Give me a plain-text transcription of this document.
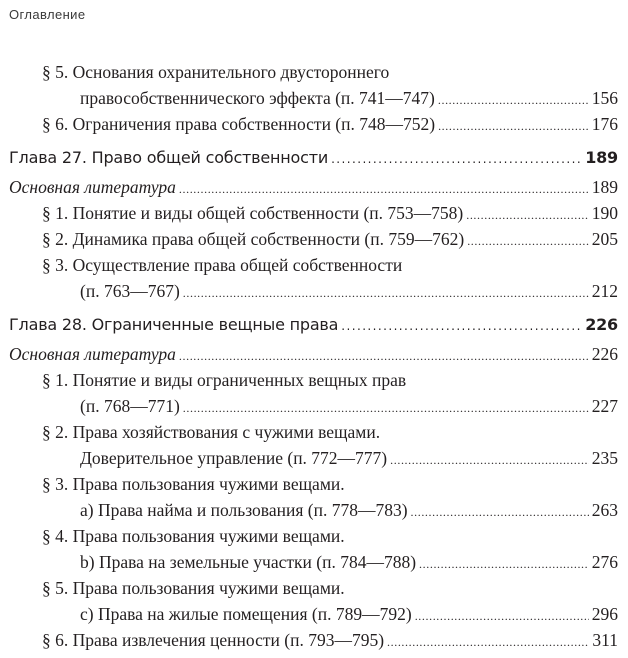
Оглавление
§ 5. Основания охранительного двустороннего
правособственнического эффекта (п. 741—747) . . .	156
§ 6. Ограничения права собственности (п. 748—752) . . .	176
Глава 27. Право общей собственности . . .	189
Основная литература . . .	189
§ 1. Понятие и виды общей собственности (п. 753—758) . . .	190
§ 2. Динамика права общей собственности (п. 759—762) . . .	205
§ 3. Осуществление права общей собственности
(п. 763—767) . . .	212
Глава 28. Ограниченные вещные права . . .	226
Основная литература . . .	226
§ 1. Понятие и виды ограниченных вещных прав
(п. 768—771) . . .	227
§ 2. Права хозяйствования с чужими вещами.
Доверительное управление (п. 772—777) . . .	235
§ 3. Права пользования чужими вещами.
а) Права найма и пользования (п. 778—783) . . .	263
§ 4. Права пользования чужими вещами.
b) Права на земельные участки (п. 784—788) . . .	276
§ 5. Права пользования чужими вещами.
с) Права на жилые помещения (п. 789—792) . . .	296
§ 6. Права извлечения ценности (п. 793—795) . . .	311
